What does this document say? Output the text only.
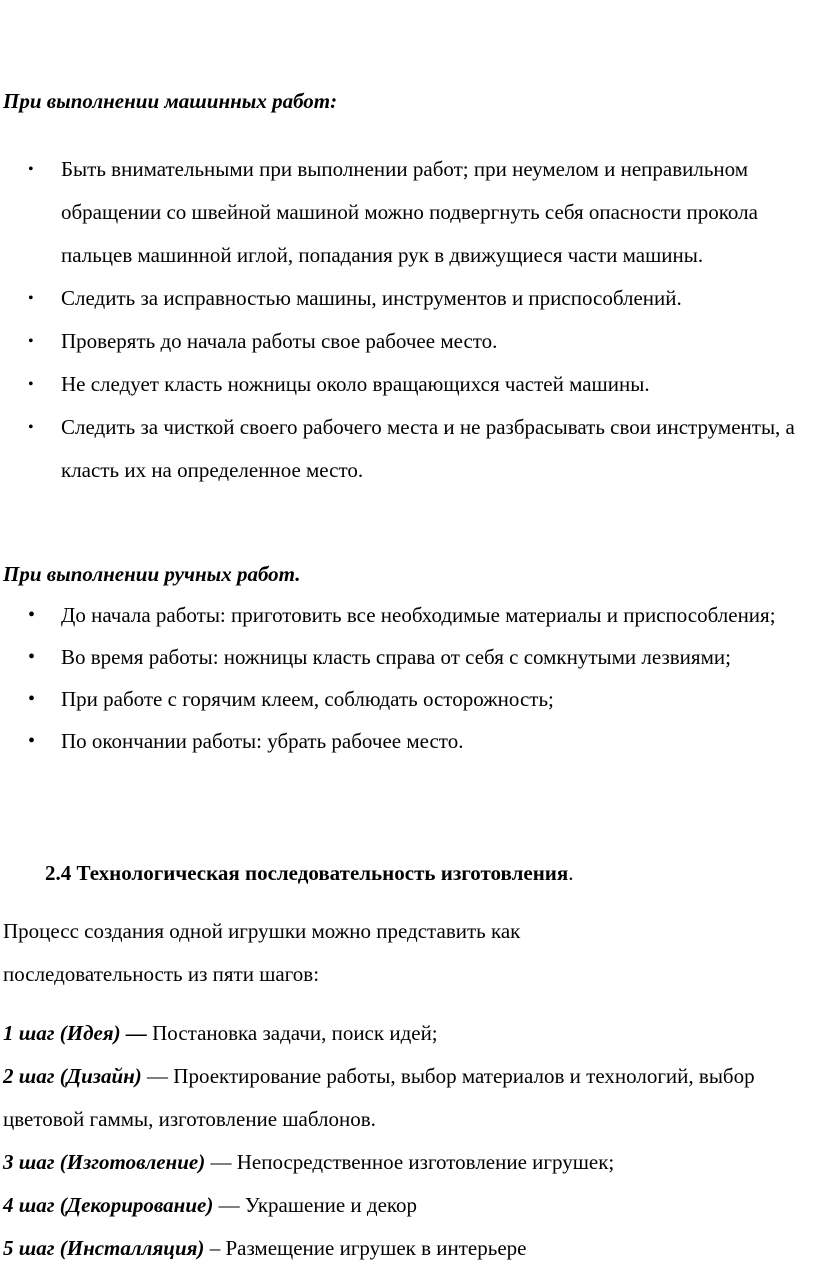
При выполнении машинных работ:

• Быть внимательными при выполнении работ; при неумелом и неправильном обращении со швейной машиной можно подвергнуть себя опасности прокола пальцев машинной иглой, попадания рук в движущиеся части машины.
• Следить за исправностью машины, инструментов и приспособлений.
• Проверять до начала работы свое рабочее место.
• Не следует класть ножницы около вращающихся частей машины.
• Следить за чисткой своего рабочего места и не разбрасывать свои инструменты, а класть их на определенное место.

При выполнении ручных работ.

• До начала работы: приготовить все необходимые материалы и приспособления;
• Во время работы: ножницы класть справа от себя с сомкнутыми лезвиями;
• При работе с горячим клеем, соблюдать осторожность;
• По окончании работы: убрать рабочее место.

2.4 Технологическая последовательность изготовления.

Процесс создания одной игрушки можно представить как последовательность из пяти шагов:

1 шаг (Идея) — Постановка задачи, поиск идей;

2 шаг (Дизайн) — Проектирование работы, выбор материалов и технологий, выбор цветовой гаммы, изготовление шаблонов.

3 шаг (Изготовление) — Непосредственное изготовление игрушек;

4 шаг (Декорирование) — Украшение и декор

5 шаг (Инсталляция) – Размещение игрушек в интерьере
